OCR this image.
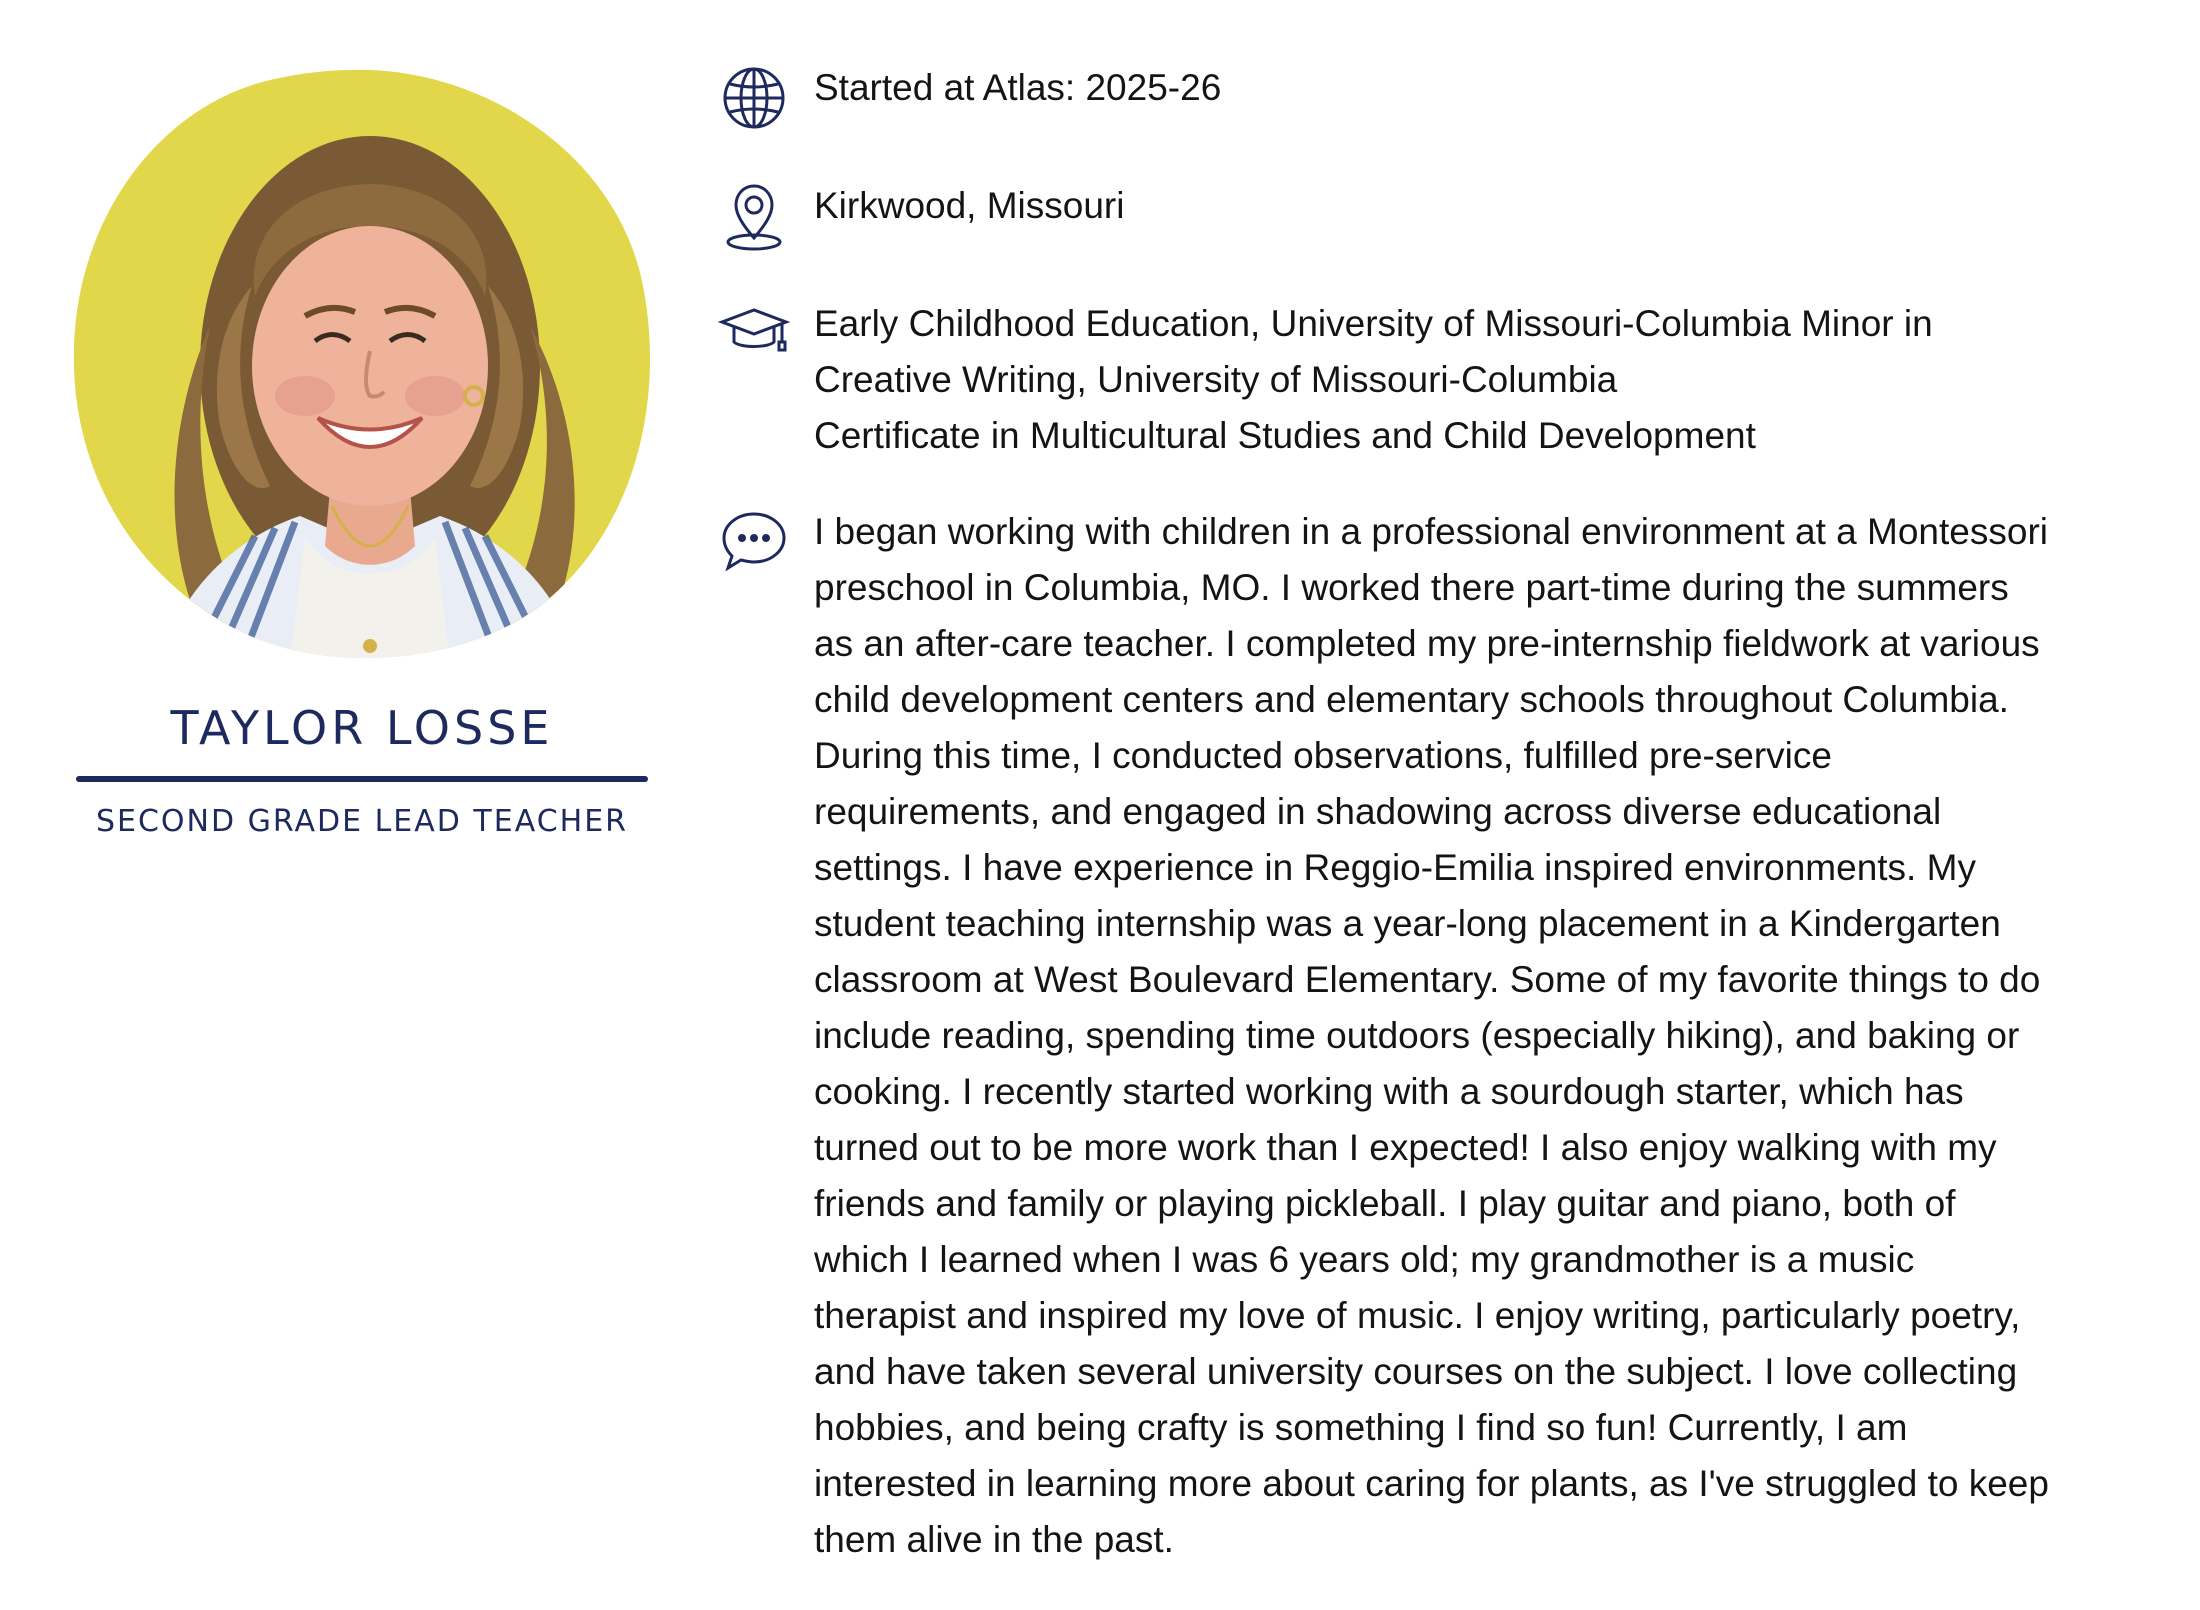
TAYLOR LOSSE

SECOND GRADE LEAD TEACHER

Started at Atlas: 2025-26
Kirkwood, Missouri
Early Childhood Education, University of Missouri-Columbia Minor in Creative Writing, University of Missouri-Columbia
Certificate in Multicultural Studies and Child Development
I began working with children in a professional environment at a Montessori preschool in Columbia, MO. I worked there part-time during the summers as an after-care teacher. I completed my pre-internship fieldwork at various child development centers and elementary schools throughout Columbia. During this time, I conducted observations, fulfilled pre-service requirements, and engaged in shadowing across diverse educational settings. I have experience in Reggio-Emilia inspired environments. My student teaching internship was a year-long placement in a Kindergarten classroom at West Boulevard Elementary. Some of my favorite things to do include reading, spending time outdoors (especially hiking), and baking or cooking. I recently started working with a sourdough starter, which has turned out to be more work than I expected! I also enjoy walking with my friends and family or playing pickleball. I play guitar and piano, both of which I learned when I was 6 years old; my grandmother is a music therapist and inspired my love of music. I enjoy writing, particularly poetry, and have taken several university courses on the subject. I love collecting hobbies, and being crafty is something I find so fun! Currently, I am interested in learning more about caring for plants, as I've struggled to keep them alive in the past.
